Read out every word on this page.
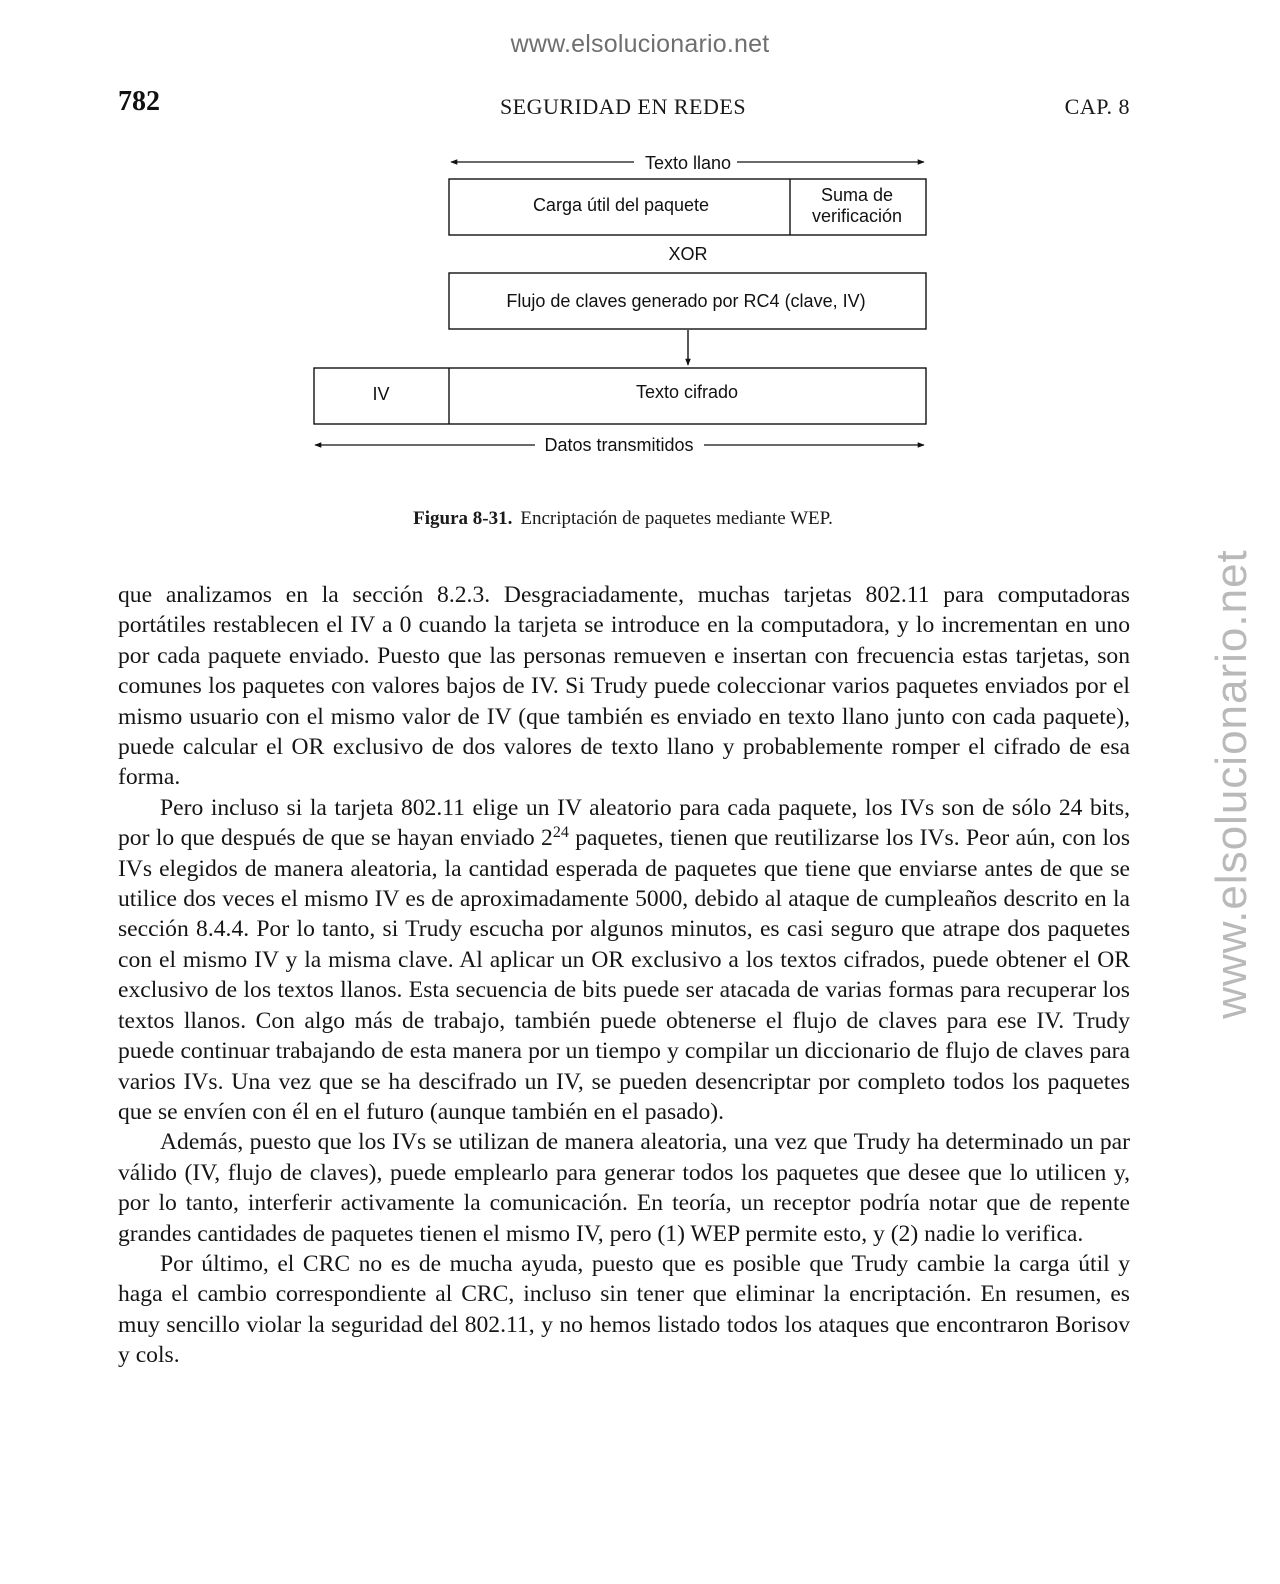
www.elsolucionario.net
www.elsolucionario.net
782	SEGURIDAD EN REDES	CAP. 8
Texto llano
Carga útil del paquete	Suma de
verificación
XOR
Flujo de claves generado por RC4 (clave, IV)
IV	Texto cifrado
Datos transmitidos
Figura 8-31. Encriptación de paquetes mediante WEP.

que analizamos en la sección 8.2.3. Desgraciadamente, muchas tarjetas 802.11 para computadoras portátiles restablecen el IV a 0 cuando la tarjeta se introduce en la computadora, y lo incrementan en uno por cada paquete enviado. Puesto que las personas remueven e insertan con frecuencia estas tarjetas, son comunes los paquetes con valores bajos de IV. Si Trudy puede coleccionar varios paquetes enviados por el mismo usuario con el mismo valor de IV (que también es enviado en texto llano junto con cada paquete), puede calcular el OR exclusivo de dos valores de texto llano y probablemente romper el cifrado de esa forma.

Pero incluso si la tarjeta 802.11 elige un IV aleatorio para cada paquete, los IVs son de sólo 24 bits, por lo que después de que se hayan enviado $2^{24}$ paquetes, tienen que reutilizarse los IVs. Peor aún, con los IVs elegidos de manera aleatoria, la cantidad esperada de paquetes que tiene que enviarse antes de que se utilice dos veces el mismo IV es de aproximadamente 5000, debido al ataque de cumpleaños descrito en la sección 8.4.4. Por lo tanto, si Trudy escucha por algunos minutos, es casi seguro que atrape dos paquetes con el mismo IV y la misma clave. Al aplicar un OR exclusivo a los textos cifrados, puede obtener el OR exclusivo de los textos llanos. Esta secuencia de bits puede ser atacada de varias formas para recuperar los textos llanos. Con algo más de trabajo, también puede obtenerse el flujo de claves para ese IV. Trudy puede continuar trabajando de esta manera por un tiempo y compilar un diccionario de flujo de claves para varios IVs. Una vez que se ha descifrado un IV, se pueden desencriptar por completo todos los paquetes que se envíen con él en el futuro (aunque también en el pasado).

Además, puesto que los IVs se utilizan de manera aleatoria, una vez que Trudy ha determinado un par válido (IV, flujo de claves), puede emplearlo para generar todos los paquetes que desee que lo utilicen y, por lo tanto, interferir activamente la comunicación. En teoría, un receptor podría notar que de repente grandes cantidades de paquetes tienen el mismo IV, pero (1) WEP permite esto, y (2) nadie lo verifica.

Por último, el CRC no es de mucha ayuda, puesto que es posible que Trudy cambie la carga útil y haga el cambio correspondiente al CRC, incluso sin tener que eliminar la encriptación. En resumen, es muy sencillo violar la seguridad del 802.11, y no hemos listado todos los ataques que encontraron Borisov y cols.
